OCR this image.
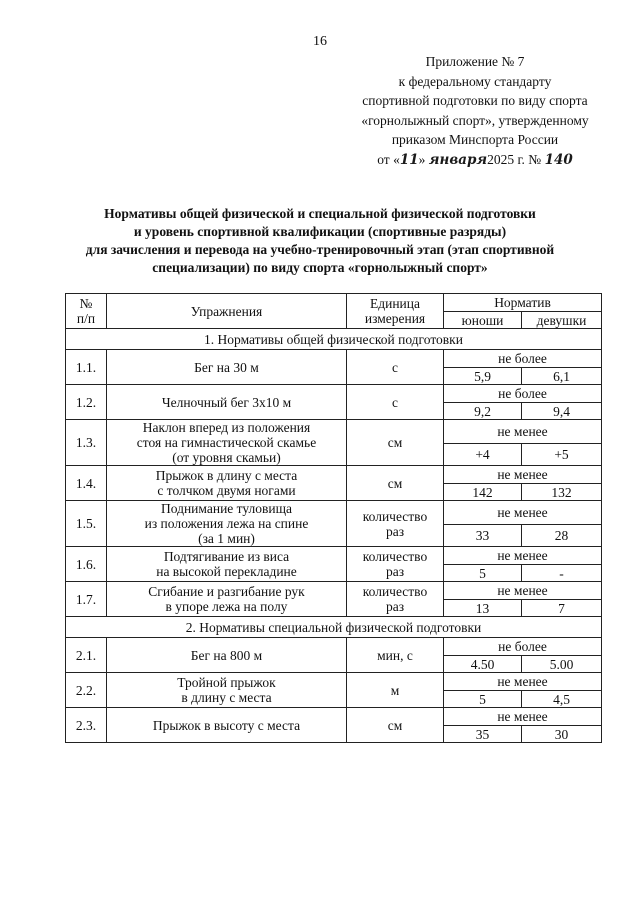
16
Приложение № 7
к федеральному стандарту
спортивной подготовки по виду спорта
«горнолыжный спорт», утвержденному
приказом Минспорта России
от «11» января2025 г. № 140
Нормативы общей физической и специальной физической подготовки
и уровень спортивной квалификации (спортивные разряды)
для зачисления и перевода на учебно-тренировочный этап (этап спортивной
специализации) по виду спорта «горнолыжный спорт»
№
п/п	Упражнения	Единица
измерения	Норматив	
			юноши	девушки
1. Нормативы общей физической подготовки				
1.1.	Бег на 30 м	с	не более	
			5,9	6,1
1.2.	Челночный бег 3х10 м	с	не более	
			9,2	9,4
1.3.	Наклон вперед из положения
стоя на гимнастической скамье
(от уровня скамьи)	см	не менее	
			+4	+5
1.4.	Прыжок в длину с места
с толчком двумя ногами	см	не менее	
			142	132
1.5.	Поднимание туловища
из положения лежа на спине
(за 1 мин)	количество
раз	не менее	
			33	28
1.6.	Подтягивание из виса
на высокой перекладине	количество
раз	не менее	
			5	-
1.7.	Сгибание и разгибание рук
в упоре лежа на полу	количество
раз	не менее	
			13	7
2. Нормативы специальной физической подготовки				
2.1.	Бег на 800 м	мин, с	не более	
			4.50	5.00
2.2.	Тройной прыжок
в длину с места	м	не менее	
			5	4,5
2.3.	Прыжок в высоту с места	см	не менее	
			35	30
